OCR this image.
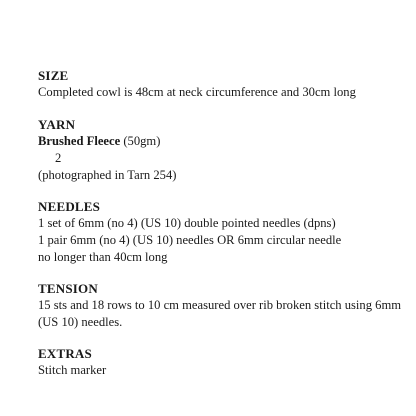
SIZE
Completed cowl is 48cm at neck circumference and 30cm long
YARN
Brushed Fleece (50gm)
2
(photographed in Tarn 254)
NEEDLES
1 set of 6mm (no 4) (US 10) double pointed needles (dpns)
1 pair 6mm (no 4) (US 10) needles OR 6mm circular needle
no longer than 40cm long
TENSION
15 sts and 18 rows to 10 cm measured over rib broken stitch using 6mm
(US 10) needles.
EXTRAS
Stitch marker
